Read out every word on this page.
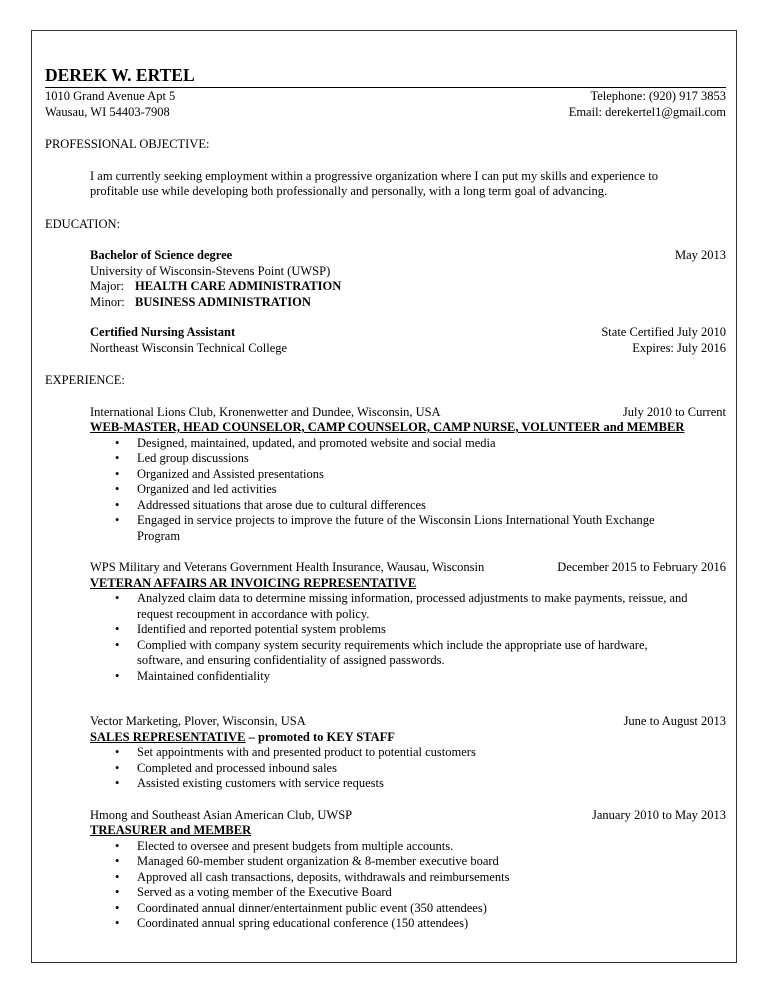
DEREK W. ERTEL
1010 Grand Avenue Apt 5	Telephone: (920) 917 3853
Wausau, WI 54403-7908	Email: derekertel1@gmail.com
PROFESSIONAL OBJECTIVE:
I am currently seeking employment within a progressive organization where I can put my skills and experience to
profitable use while developing both professionally and personally, with a long term goal of advancing.
EDUCATION:
Bachelor of Science degree	May 2013
University of Wisconsin-Stevens Point (UWSP)
Major: HEALTH CARE ADMINISTRATION
Minor: BUSINESS ADMINISTRATION
Certified Nursing Assistant	State Certified July 2010
Northeast Wisconsin Technical College	Expires: July 2016
EXPERIENCE:
International Lions Club, Kronenwetter and Dundee, Wisconsin, USA	July 2010 to Current
WEB-MASTER, HEAD COUNSELOR, CAMP COUNSELOR, CAMP NURSE, VOLUNTEER and MEMBER
• Designed, maintained, updated, and promoted website and social media
• Led group discussions
• Organized and Assisted presentations
• Organized and led activities
• Addressed situations that arose due to cultural differences
• Engaged in service projects to improve the future of the Wisconsin Lions International Youth Exchange
Program
WPS Military and Veterans Government Health Insurance, Wausau, Wisconsin	December 2015 to February 2016
VETERAN AFFAIRS AR INVOICING REPRESENTATIVE
• Analyzed claim data to determine missing information, processed adjustments to make payments, reissue, and
request recoupment in accordance with policy.
• Identified and reported potential system problems
• Complied with company system security requirements which include the appropriate use of hardware,
software, and ensuring confidentiality of assigned passwords.
• Maintained confidentiality
Vector Marketing, Plover, Wisconsin, USA	June to August 2013
SALES REPRESENTATIVE – promoted to KEY STAFF
• Set appointments with and presented product to potential customers
• Completed and processed inbound sales
• Assisted existing customers with service requests
Hmong and Southeast Asian American Club, UWSP	January 2010 to May 2013
TREASURER and MEMBER
• Elected to oversee and present budgets from multiple accounts.
• Managed 60-member student organization & 8-member executive board
• Approved all cash transactions, deposits, withdrawals and reimbursements
• Served as a voting member of the Executive Board
• Coordinated annual dinner/entertainment public event (350 attendees)
• Coordinated annual spring educational conference (150 attendees)
